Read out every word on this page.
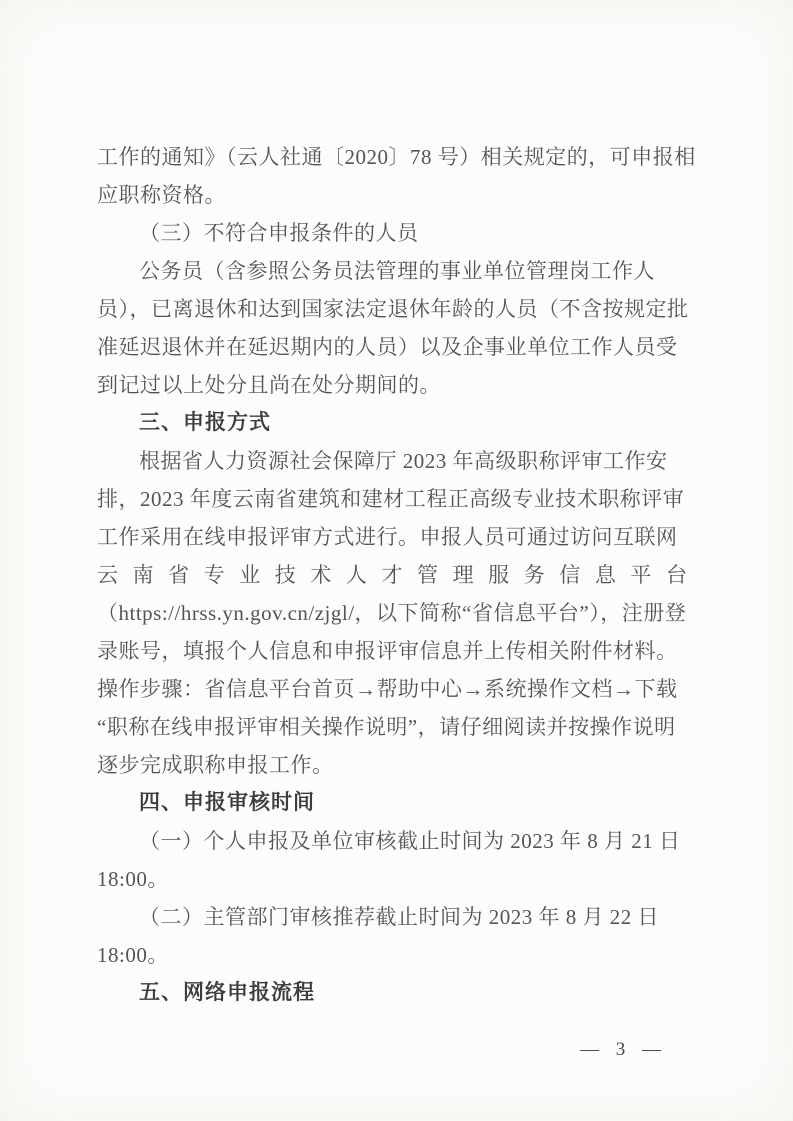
工作的通知》（云人社通〔2020〕78 号）相关规定的，可申报相
应职称资格。
（三）不符合申报条件的人员
公务员（含参照公务员法管理的事业单位管理岗工作人
员），已离退休和达到国家法定退休年龄的人员（不含按规定批
准延迟退休并在延迟期内的人员）以及企事业单位工作人员受
到记过以上处分且尚在处分期间的。
三、申报方式
根据省人力资源社会保障厅 2023 年高级职称评审工作安
排，2023 年度云南省建筑和建材工程正高级专业技术职称评审
工作采用在线申报评审方式进行。申报人员可通过访问互联网
云南省专业技术人才管理服务信息平台
（https://hrss.yn.gov.cn/zjgl/，以下简称“省信息平台”），注册登
录账号，填报个人信息和申报评审信息并上传相关附件材料。
操作步骤：省信息平台首页→帮助中心→系统操作文档→下载
“职称在线申报评审相关操作说明”，请仔细阅读并按操作说明
逐步完成职称申报工作。
四、申报审核时间
（一）个人申报及单位审核截止时间为 2023 年 8 月 21 日
18:00。
（二）主管部门审核推荐截止时间为 2023 年 8 月 22 日
18:00。
五、网络申报流程
— 3 —
